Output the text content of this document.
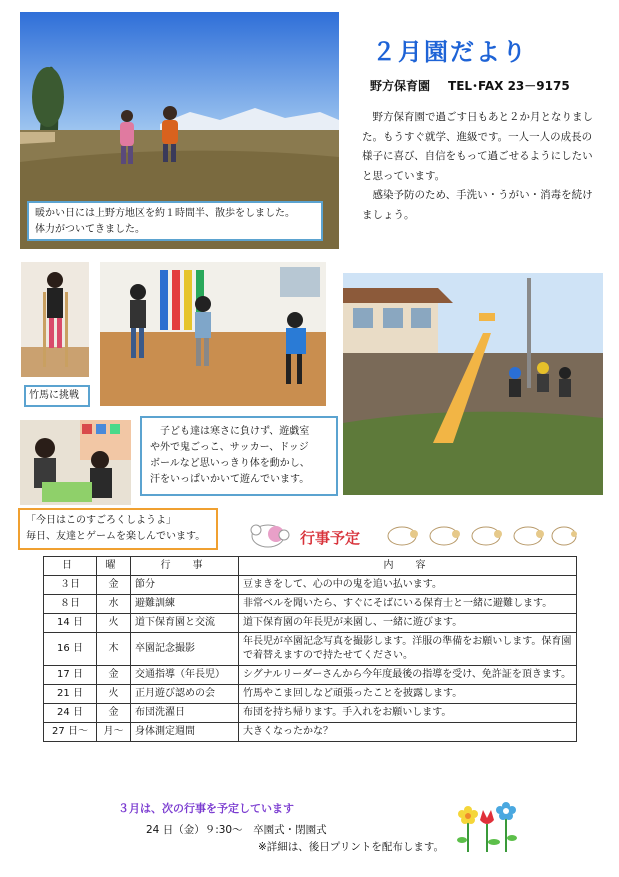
２月園だより
野方保育園 TEL･FAX 23－9175

野方保育園で過ごす日もあと２か月となりました。もうすぐ就学、進級です。一人一人の成長の様子に喜び、自信をもって過ごせるようにしたいと思っています。

感染予防のため、手洗い・うがい・消毒を続けましょう。

暖かい日には上野方地区を約１時間半、散歩をしました。
体力がついてきました。
竹馬に挑戦
子ども達は寒さに負けず、遊戯室
や外で鬼ごっこ、サッカー、ドッジ
ボールなど思いっきり体を動かし、
汗をいっぱいかいて遊んでいます。
「今日はこのすごろくしようよ」
毎日、友達とゲームを楽しんでいます。	行事予定
日	曜	行　事	内　容
３日	金	節分	豆まきをして、心の中の鬼を追い払います。
８日	水	避難訓練	非常ベルを聞いたら、すぐにそばにいる保育士と一緒に避難します。
14 日	火	道下保育園と交流	道下保育園の年長児が来園し、一緒に遊びます。
16 日	木	卒園記念撮影	年長児が卒園記念写真を撮影します。洋服の準備をお願いします。保育園で着替えますので持たせてください。
17 日	金	交通指導（年長児）	シグナルリーダーさんから今年度最後の指導を受け、免許証を頂きます。
21 日	火	正月遊び認めの会	竹馬やこま回しなど頑張ったことを披露します。
24 日	金	布団洗濯日	布団を持ち帰ります。手入れをお願いします。
27 日～	月～	身体測定週間	大きくなったかな？
３月は、次の行事を予定しています
24 日（金）９:30～　卒園式・閉園式
※詳細は、後日プリントを配布します。
